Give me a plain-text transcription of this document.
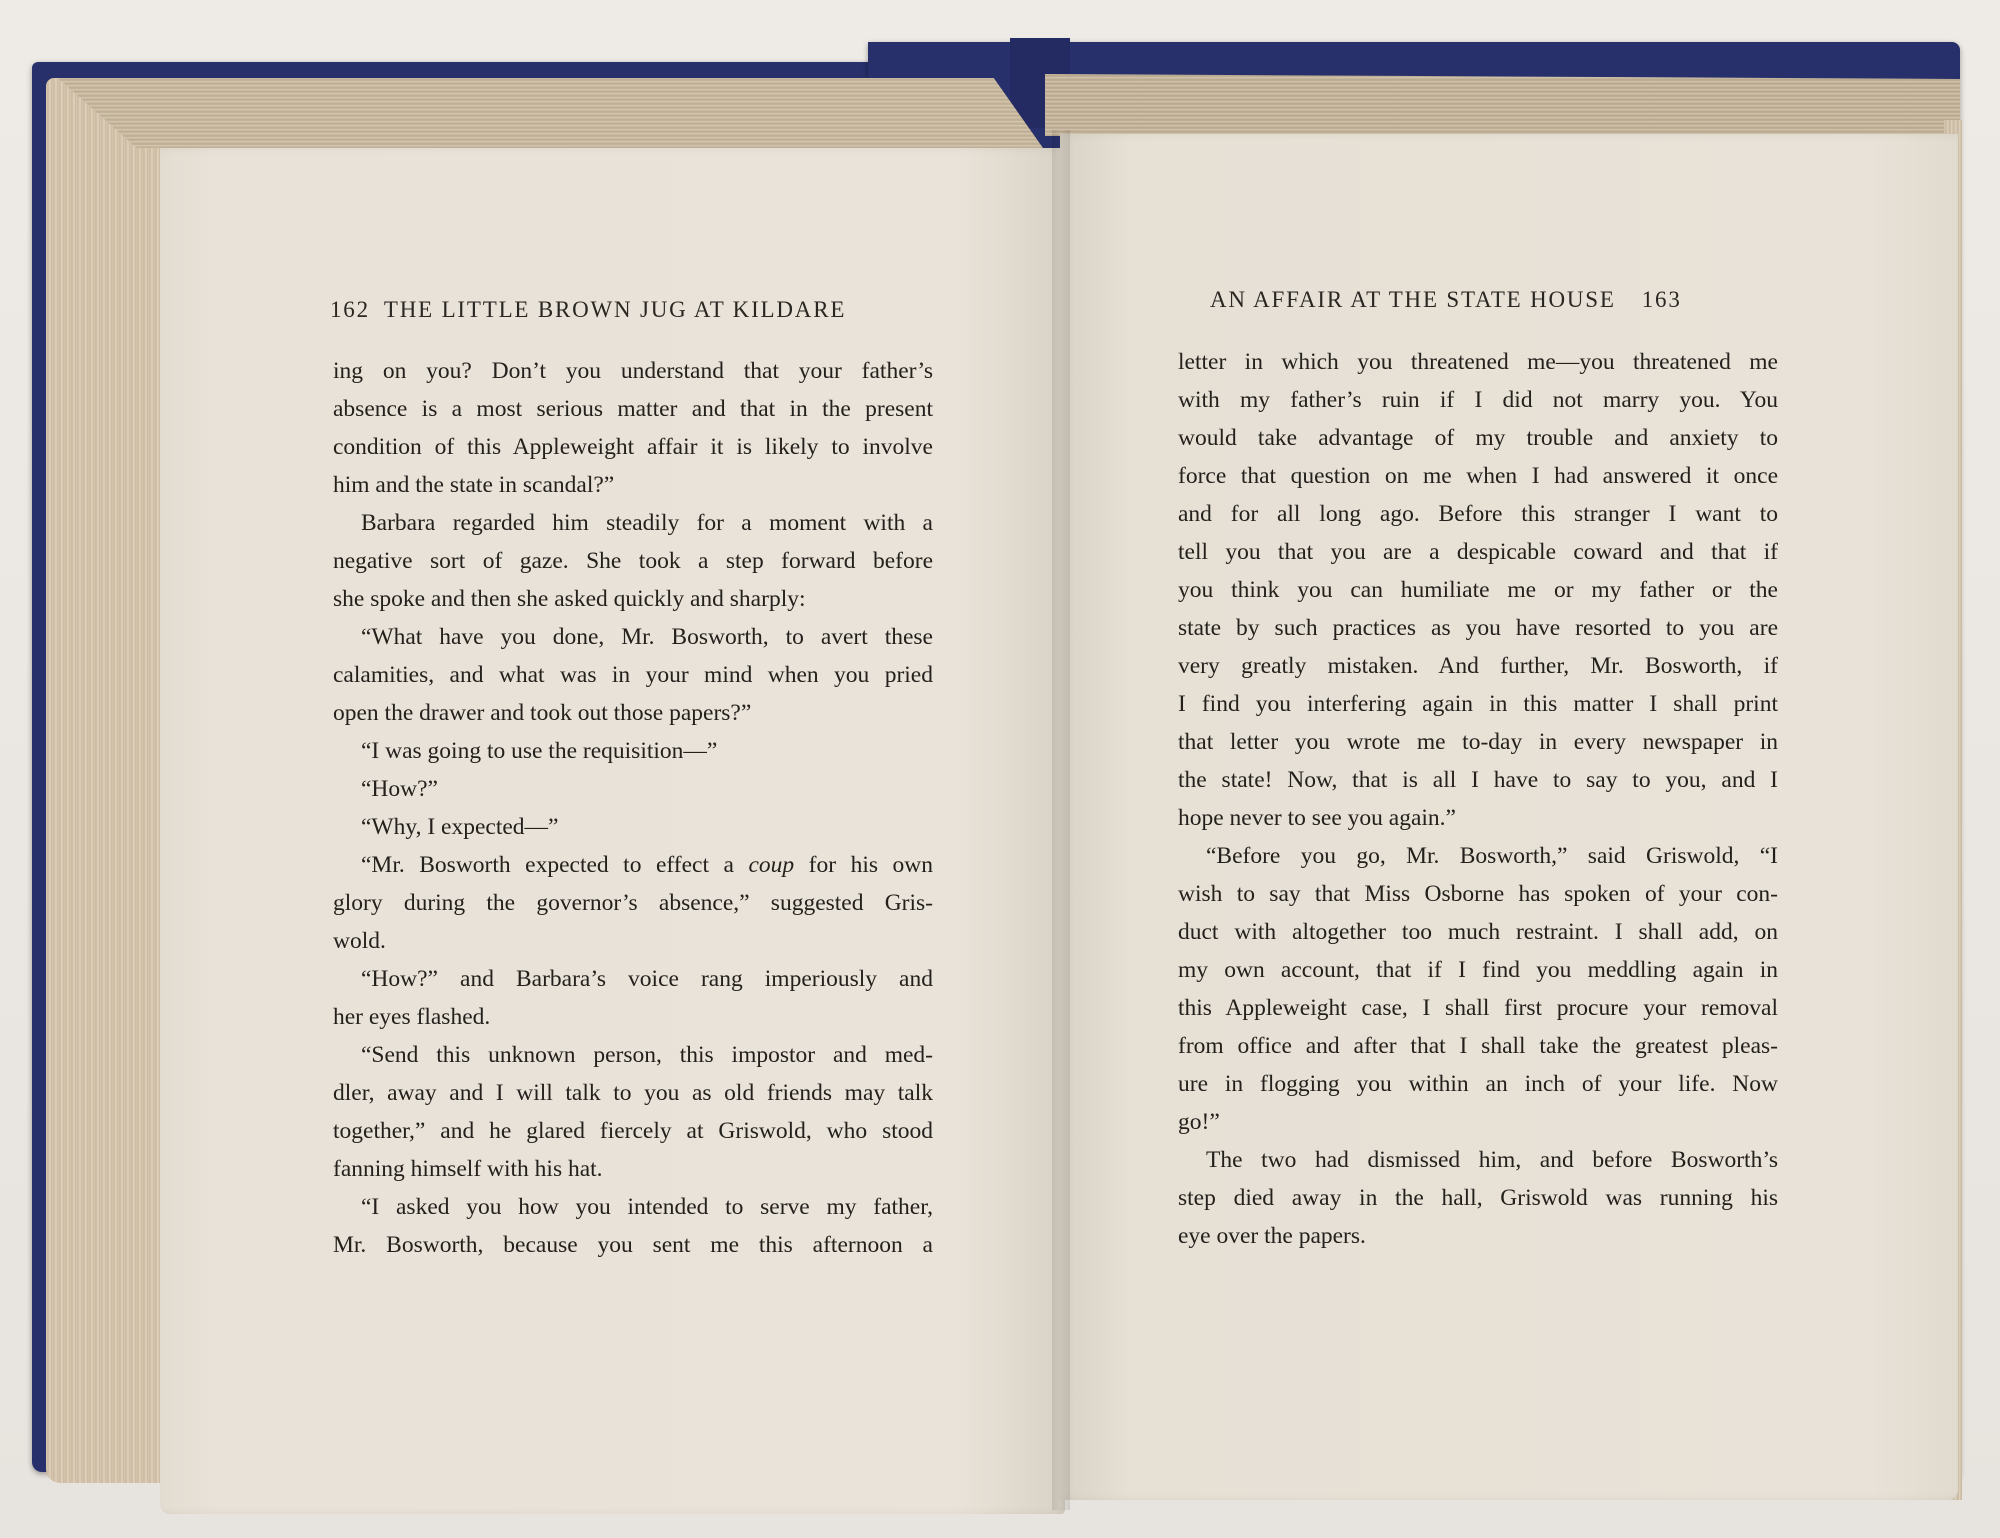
162 THE LITTLE BROWN JUG AT KILDARE	AN AFFAIR AT THE STATE HOUSE 163
ing on you? Don’t you understand that your father’s
absence is a most serious matter and that in the present
condition of this Appleweight affair it is likely to involve
him and the state in scandal?”
Barbara regarded him steadily for a moment with a
negative sort of gaze. She took a step forward before
she spoke and then she asked quickly and sharply:
“What have you done, Mr. Bosworth, to avert these
calamities, and what was in your mind when you pried
open the drawer and took out those papers?”
“I was going to use the requisition—”
“How?”
“Why, I expected—”
“Mr. Bosworth expected to effect a coup for his own
glory during the governor’s absence,” suggested Gris-
wold.
“How?” and Barbara’s voice rang imperiously and
her eyes flashed.
“Send this unknown person, this impostor and med-
dler, away and I will talk to you as old friends may talk
together,” and he glared fiercely at Griswold, who stood
fanning himself with his hat.
“I asked you how you intended to serve my father,
Mr. Bosworth, because you sent me this afternoon a
letter in which you threatened me—you threatened me
with my father’s ruin if I did not marry you. You
would take advantage of my trouble and anxiety to
force that question on me when I had answered it once
and for all long ago. Before this stranger I want to
tell you that you are a despicable coward and that if
you think you can humiliate me or my father or the
state by such practices as you have resorted to you are
very greatly mistaken. And further, Mr. Bosworth, if
I find you interfering again in this matter I shall print
that letter you wrote me to-day in every newspaper in
the state! Now, that is all I have to say to you, and I
hope never to see you again.”
“Before you go, Mr. Bosworth,” said Griswold, “I
wish to say that Miss Osborne has spoken of your con-
duct with altogether too much restraint. I shall add, on
my own account, that if I find you meddling again in
this Appleweight case, I shall first procure your removal
from office and after that I shall take the greatest pleas-
ure in flogging you within an inch of your life. Now
go!”
The two had dismissed him, and before Bosworth’s
step died away in the hall, Griswold was running his
eye over the papers.
